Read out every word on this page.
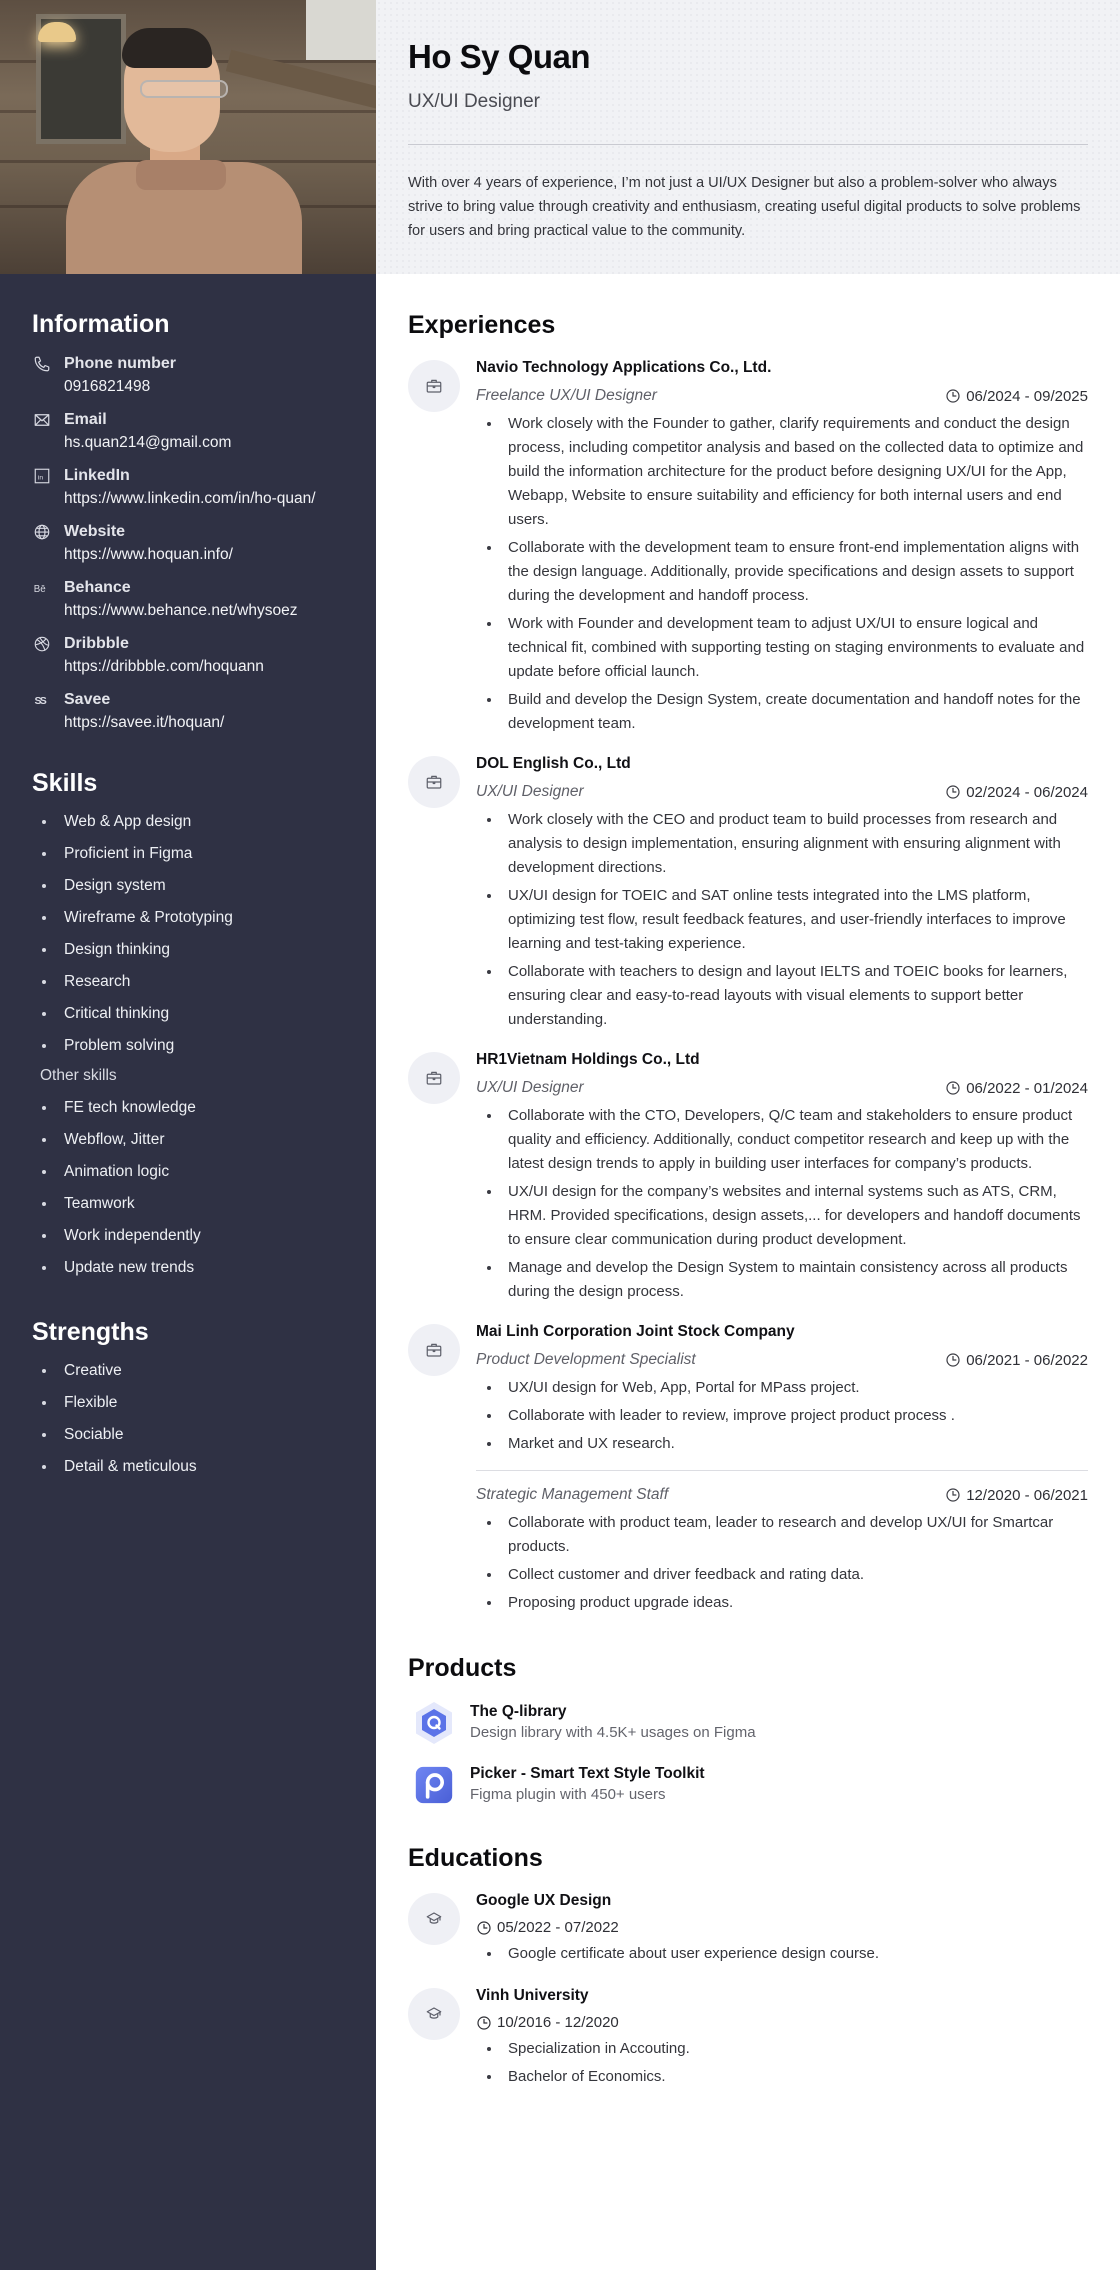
Information
Phone number
0916821498
Email
hs.quan214@gmail.com
in LinkedIn
https://www.linkedin.com/in/ho-quan/
Website
https://www.hoquan.info/
Bē Behance
https://www.behance.net/whysoez
Dribbble
https://dribbble.com/hoquann
S
S Savee
https://savee.it/hoquan/
Skills
Web & App design
Proficient in Figma
Design system
Wireframe & Prototyping
Design thinking
Research
Critical thinking
Problem solving
Other skills
FE tech knowledge
Webflow, Jitter
Animation logic
Teamwork
Work independently
Update new trends
Strengths
Creative
Flexible
Sociable
Detail & meticulous
Ho Sy Quan
UX/UI Designer

With over 4 years of experience, I’m not just a UI/UX Designer but also a problem-solver who always strive to bring value through creativity and enthusiasm, creating useful digital products to solve problems for users and bring practical value to the community.

Experiences
Navio Technology Applications Co., Ltd.
Freelance UX/UI Designer	06/2024 - 09/2025
Work closely with the Founder to gather, clarify requirements and conduct the design process, including competitor analysis and based on the collected data to optimize and build the information architecture for the product before designing UX/UI for the App, Webapp, Website to ensure suitability and efficiency for both internal users and end users.
Collaborate with the development team to ensure front-end implementation aligns with the design language. Additionally, provide specifications and design assets to support during the development and handoff process.
Work with Founder and development team to adjust UX/UI to ensure logical and technical fit, combined with supporting testing on staging environments to evaluate and update before official launch.
Build and develop the Design System, create documentation and handoff notes for the development team.
DOL English Co., Ltd
UX/UI Designer	02/2024 - 06/2024
Work closely with the CEO and product team to build processes from research and analysis to design implementation, ensuring alignment with ensuring alignment with development directions.
UX/UI design for TOEIC and SAT online tests integrated into the LMS platform, optimizing test flow, result feedback features, and user-friendly interfaces to improve learning and test-taking experience.
Collaborate with teachers to design and layout IELTS and TOEIC books for learners, ensuring clear and easy-to-read layouts with visual elements to support better understanding.
HR1Vietnam Holdings Co., Ltd
UX/UI Designer	06/2022 - 01/2024
Collaborate with the CTO, Developers, Q/C team and stakeholders to ensure product quality and efficiency. Additionally, conduct competitor research and keep up with the latest design trends to apply in building user interfaces for company’s products.
UX/UI design for the company’s websites and internal systems such as ATS, CRM, HRM. Provided specifications, design assets,... for developers and handoff documents to ensure clear communication during product development.
Manage and develop the Design System to maintain consistency across all products during the design process.
Mai Linh Corporation Joint Stock Company
Product Development Specialist	06/2021 - 06/2022
UX/UI design for Web, App, Portal for MPass project.
Collaborate with leader to review, improve project product process .
Market and UX research.
Strategic Management Staff	12/2020 - 06/2021
Collaborate with product team, leader to research and develop UX/UI for Smartcar products.
Collect customer and driver feedback and rating data.
Proposing product upgrade ideas.
Products
The Q-library
Design library with 4.5K+ usages on Figma
Picker - Smart Text Style Toolkit
Figma plugin with 450+ users
Educations
Google UX Design
05/2022 - 07/2022
Google certificate about user experience design course.
Vinh University
10/2016 - 12/2020
Specialization in Accouting.
Bachelor of Economics.
